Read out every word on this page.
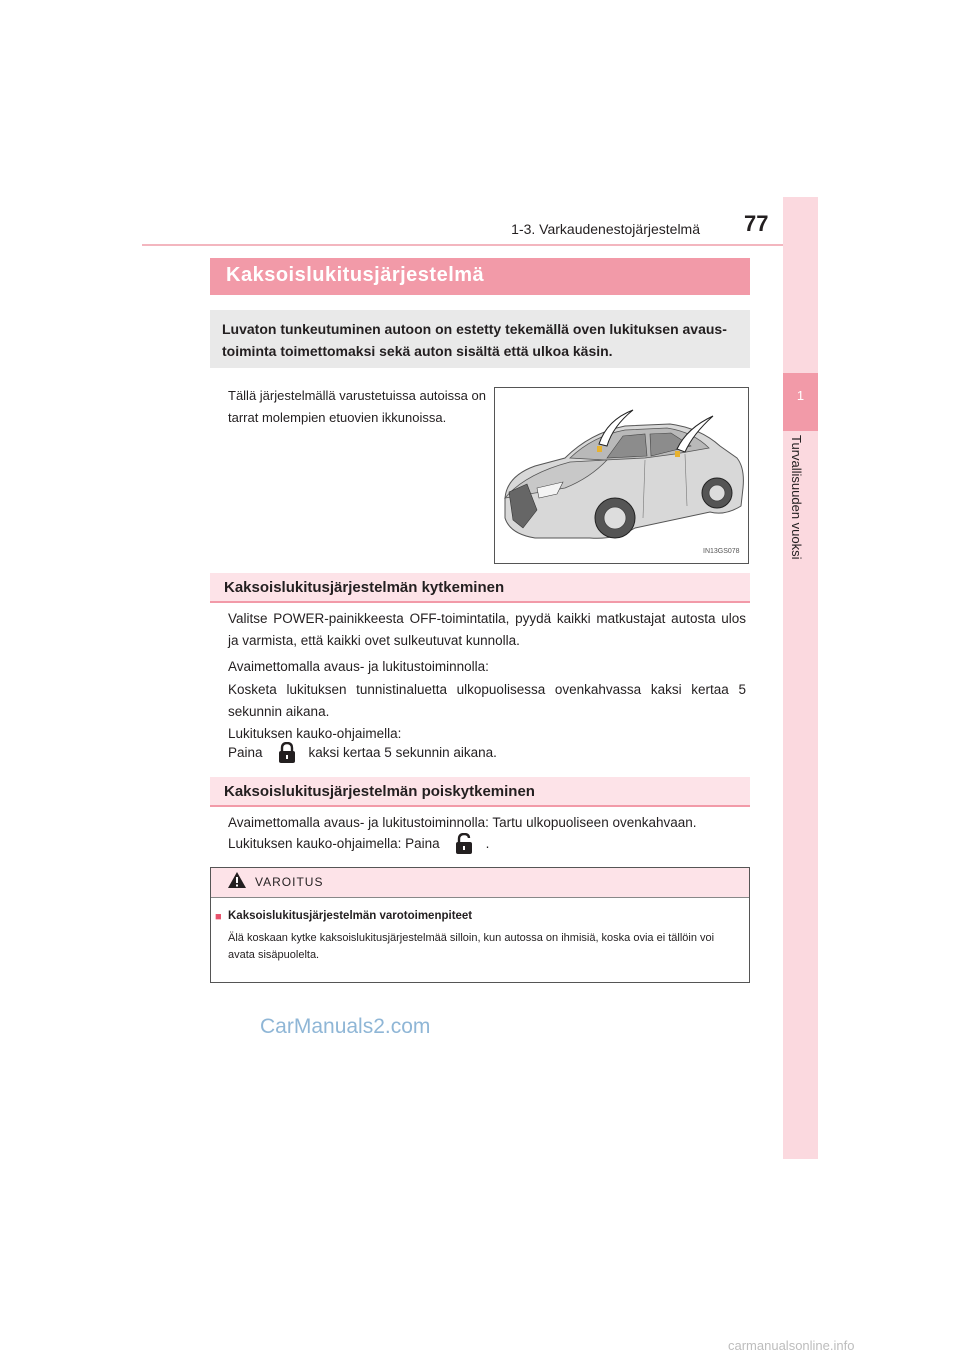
1-3. Varkaudenestojärjestelmä 77
1
Turvallisuuden vuoksi
Kaksoislukitusjärjestelmä
Luvaton tunkeutuminen autoon on estetty tekemällä oven lukituksen avaus- toiminta toimettomaksi sekä auton sisältä että ulkoa käsin.
Tällä järjestelmällä varustetuissa autoissa on tarrat molempien etuovien ikkunoissa.
IN13GS078
Kaksoislukitusjärjestelmän kytkeminen
Valitse POWER-painikkeesta OFF-toimintatila, pyydä kaikki matkustajat autosta ulos ja varmista, että kaikki ovet sulkeutuvat kunnolla.
Avaimettomalla avaus- ja lukitustoiminnolla:
Kosketa lukituksen tunnistinaluetta ulkopuolisessa ovenkahvassa kaksi kertaa 5 sekunnin aikana.
Lukituksen kauko-ohjaimella:
Paina	kaksi kertaa 5 sekunnin aikana.
Kaksoislukitusjärjestelmän poiskytkeminen
Avaimettomalla avaus- ja lukitustoiminnolla: Tartu ulkopuoliseen ovenkahvaan.
Lukituksen kauko-ohjaimella: Paina	.
VAROITUS
■ Kaksoislukitusjärjestelmän varotoimenpiteet
Älä koskaan kytke kaksoislukitusjärjestelmää silloin, kun autossa on ihmisiä, koska ovia ei tällöin voi avata sisäpuolelta.
CarManuals2.com
carmanualsonline.info
